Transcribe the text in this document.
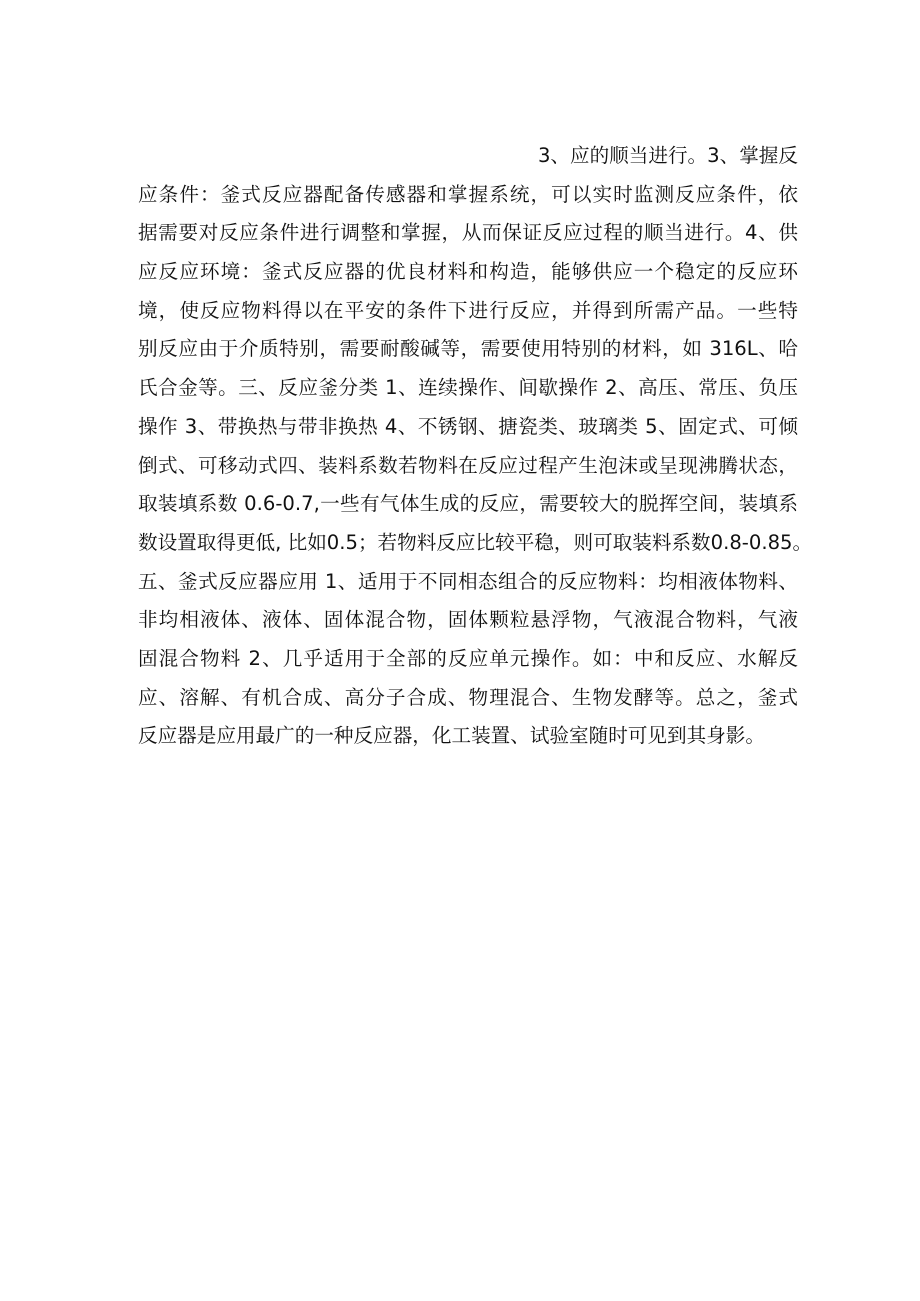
3、应的顺当进行。3、掌握反
应条件：釜式反应器配备传感器和掌握系统，可以实时监测反应条件，依
据需要对反应条件进行调整和掌握，从而保证反应过程的顺当进行。4、供
应反应环境：釜式反应器的优良材料和构造，能够供应一个稳定的反应环
境，使反应物料得以在平安的条件下进行反应，并得到所需产品。一些特
别反应由于介质特别，需要耐酸碱等，需要使用特别的材料，如 316L、哈
氏合金等。三、反应釜分类 1、连续操作、间歇操作 2、高压、常压、负压
操作 3、带换热与带非换热 4、不锈钢、搪瓷类、玻璃类 5、固定式、可倾
倒式、可移动式四、装料系数若物料在反应过程产生泡沫或呈现沸腾状态，
取装填系数 0.6-0.7,一些有气体生成的反应，需要较大的脱挥空间，装填系
数设置取得更低, 比如0.5；若物料反应比较平稳，则可取装料系数0.8-0.85。
五、釜式反应器应用 1、适用于不同相态组合的反应物料：均相液体物料、
非均相液体、液体、固体混合物，固体颗粒悬浮物，气液混合物料，气液
固混合物料 2、几乎适用于全部的反应单元操作。如：中和反应、水解反
应、溶解、有机合成、高分子合成、物理混合、生物发酵等。总之，釜式
反应器是应用最广的一种反应器，化工装置、试验室随时可见到其身影。
